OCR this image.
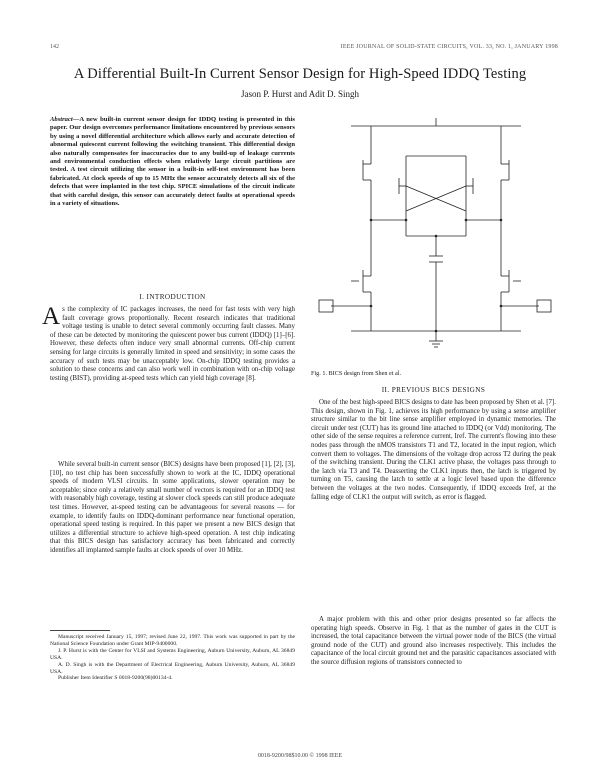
142	IEEE JOURNAL OF SOLID-STATE CIRCUITS, VOL. 33, NO. 1, JANUARY 1998
A Differential Built-In Current Sensor Design for High-Speed IDDQ Testing
Jason P. Hurst and Adit D. Singh
Abstract—A new built-in current sensor design for IDDQ testing is presented in this paper. Our design overcomes performance limitations encountered by previous sensors by using a novel differential architecture which allows early and accurate detection of abnormal quiescent current following the switching transient. This differential design also naturally compensates for inaccuracies due to any build-up of leakage currents and environmental conduction effects when relatively large circuit partitions are tested. A test circuit utilizing the sensor in a built-in self-test environment has been fabricated. At clock speeds of up to 15 MHz the sensor accurately detects all six of the defects that were implanted in the test chip. SPICE simulations of the circuit indicate that with careful design, this sensor can accurately detect faults at operational speeds in a variety of situations.
I. INTRODUCTION
As the complexity of IC packages increases, the need for fast tests with very high fault coverage grows proportionally. Recent research indicates that traditional voltage testing is unable to detect several commonly occurring fault classes. Many of these can be detected by monitoring the quiescent power bus current (IDDQ) [1]–[6]. However, these defects often induce very small abnormal currents. Off-chip current sensing for large circuits is generally limited in speed and sensitivity; in some cases the accuracy of such tests may be unacceptably low. On-chip IDDQ testing provides a solution to these concerns and can also work well in combination with on-chip voltage testing (BIST), providing at-speed tests which can yield high coverage [8].
While several built-in current sensor (BICS) designs have been proposed [1], [2], [3], [10], no test chip has been successfully shown to work at the IC, IDDQ operational speeds of modern VLSI circuits. In some applications, slower operation may be acceptable; since only a relatively small number of vectors is required for an IDDQ test with reasonably high coverage, testing at slower clock speeds can still produce adequate test times. However, at-speed testing can be advantageous for several reasons — for example, to identify faults on IDDQ-dominant performance near functional operation, operational speed testing is required. In this paper we present a new BICS design that utilizes a differential structure to achieve high-speed operation. A test chip indicating that this BICS design has satisfactory accuracy has been fabricated and correctly identifies all implanted sample faults at clock speeds of over 10 MHz.

Manuscript received January 15, 1997; revised June 22, 1997. This work was supported in part by the National Science Foundation under Grant MIP-9400000.

J. P. Hurst is with the Center for VLSI and Systems Engineering, Auburn University, Auburn, AL 36849 USA.

A. D. Singh is with the Department of Electrical Engineering, Auburn University, Auburn, AL 36849 USA.

Publisher Item Identifier S 0018-9200(98)00134-4.

Fig. 1. BICS design from Shen et al.
II. PREVIOUS BICS DESIGNS
One of the best high-speed BICS designs to date has been proposed by Shen et al. [7]. This design, shown in Fig. 1, achieves its high performance by using a sense amplifier structure similar to the bit line sense amplifier employed in dynamic memories. The circuit under test (CUT) has its ground line attached to IDDQ (or Vdd) monitoring. The other side of the sense requires a reference current, Iref. The current's flowing into these nodes pass through the nMOS transistors T1 and T2, located in the input region, which convert them to voltages. The dimensions of the voltage drop across T2 during the peak of the switching transient. During the CLK1 active phase, the voltages pass through to the latch via T3 and T4. Deasserting the CLK1 inputs then, the latch is triggered by turning on T5, causing the latch to settle at a logic level based upon the difference between the voltages at the two nodes. Consequently, if IDDQ exceeds Iref, at the falling edge of CLK1 the output will switch, as error is flagged.
A major problem with this and other prior designs presented so far affects the operating high speeds. Observe in Fig. 1 that as the number of gates in the CUT is increased, the total capacitance between the virtual power node of the BICS (the virtual ground node of the CUT) and ground also increases respectively. This includes the capacitance of the local circuit ground net and the parasitic capacitances associated with the source diffusion regions of transistors connected to
0018-9200/98$10.00 © 1998 IEEE
